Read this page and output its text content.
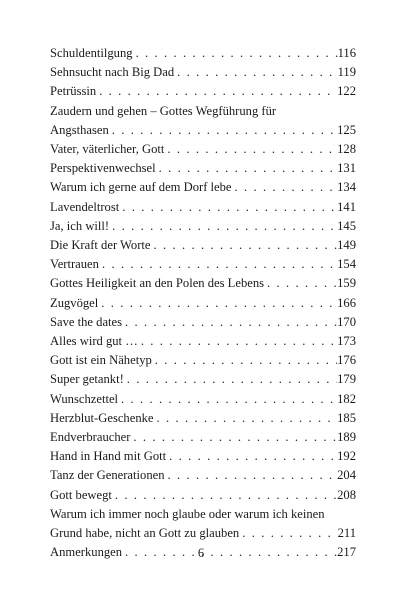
Schuldentilgung . . .	116
Sehnsucht nach Big Dad . . .	119
Petrüssin . . .	122
Zaudern und gehen – Gottes Wegführung für
Angsthasen . . .	125
Vater, väterlicher, Gott . . .	128
Perspektivenwechsel . . .	131
Warum ich gerne auf dem Dorf lebe . . .	134
Lavendeltrost . . .	141
Ja, ich will! . . .	145
Die Kraft der Worte . . .	149
Vertrauen . . .	154
Gottes Heiligkeit an den Polen des Lebens . . .	159
Zugvögel . . .	166
Save the dates . . .	170
Alles wird gut … . . .	173
Gott ist ein Nähetyp . . .	176
Super getankt! . . .	179
Wunschzettel . . .	182
Herzblut-Geschenke . . .	185
Endverbraucher . . .	189
Hand in Hand mit Gott . . .	192
Tanz der Generationen . . .	204
Gott bewegt . . .	208
Warum ich immer noch glaube oder warum ich keinen
Grund habe, nicht an Gott zu glauben . . .	211
Anmerkungen . . .	217
6
